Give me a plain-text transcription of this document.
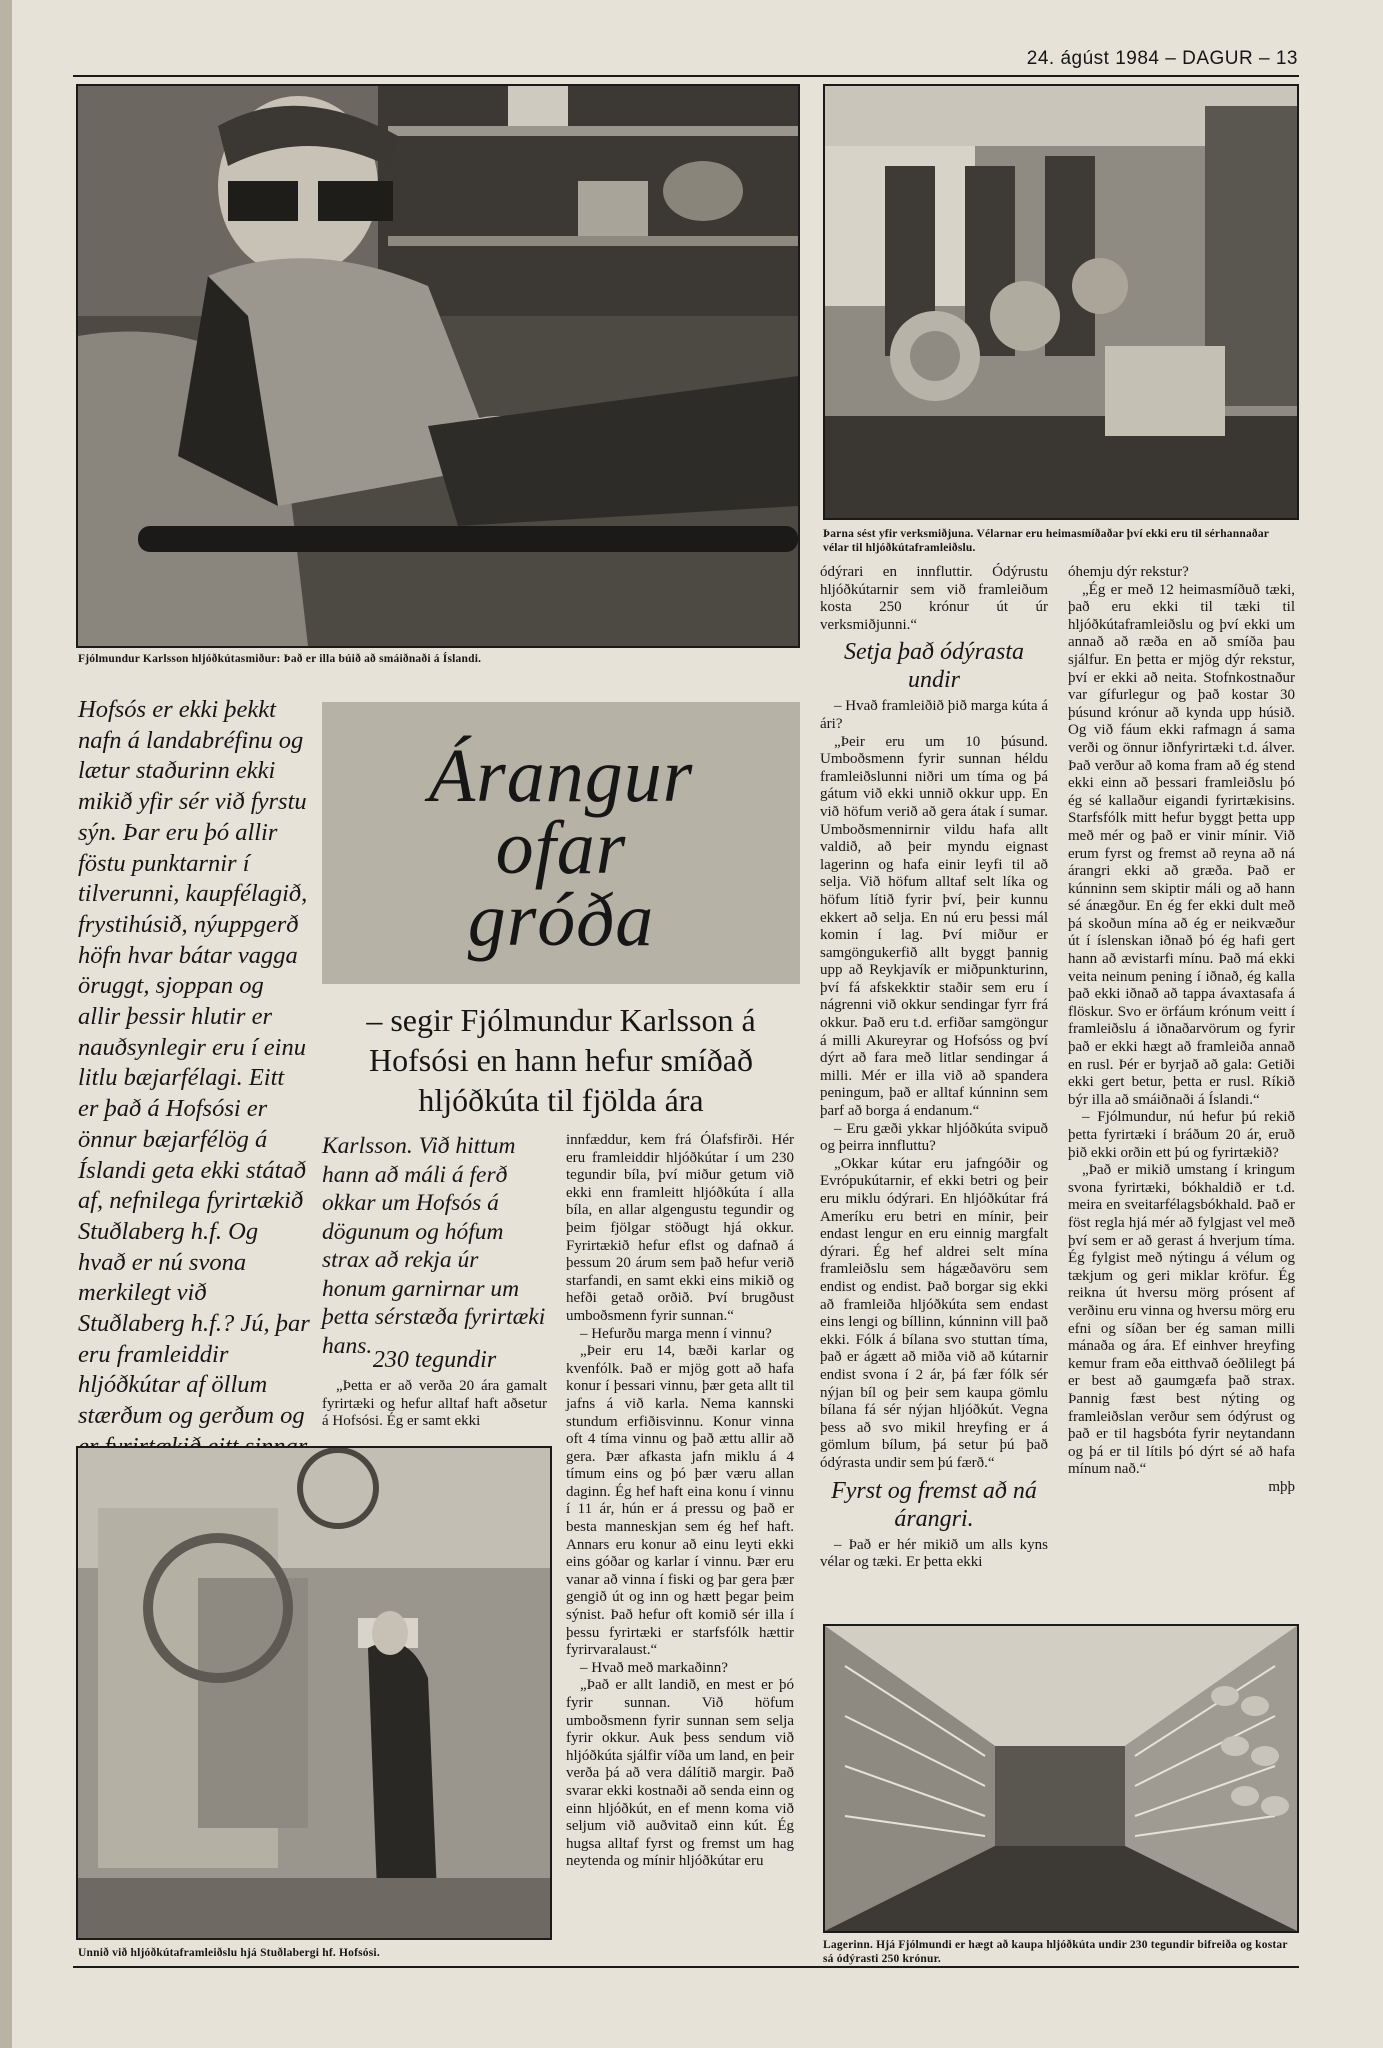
24. ágúst 1984 – DAGUR – 13
Fjólmundur Karlsson hljóðkútasmiður: Það er illa búið að smáiðnaði á Íslandi.
Þarna sést yfir verksmiðjuna. Vélarnar eru heimasmíðaðar því ekki eru til sérhannaðar vélar til hljóðkútaframleiðslu.
Hofsós er ekki þekkt nafn á landabréfinu og lætur staðurinn ekki mikið yfir sér við fyrstu sýn. Þar eru þó allir föstu punktarnir í tilverunni, kaupfélagið, frystihúsið, nýuppgerð höfn hvar bátar vagga öruggt, sjoppan og allir þessir hlutir er nauðsynlegir eru í einu litlu bæjarfélagi. Eitt er það á Hofsósi er önnur bæjarfélög á Íslandi geta ekki státað af, nefnilega fyrirtækið Stuðlaberg h.f. Og hvað er nú svona merkilegt við Stuðlaberg h.f.? Jú, þar eru framleiddir hljóðkútar af öllum stærðum og gerðum og
Árangur
ofar
gróða
– segir Fjólmundur Karlsson á Hofsósi en hann hefur smíðað hljóðkúta til fjölda ára
Karlsson. Við hittum hann að máli á ferð okkar um Hofsós á dögunum og hófum strax að rekja úr honum garnirnar um þetta sérstæða fyrirtæki hans.

230 tegundir

„Þetta er að verða 20 ára gamalt fyrirtæki og hefur alltaf haft aðsetur á Hofsósi. Ég er samt ekki

innfæddur, kem frá Ólafsfirði. Hér eru framleiddir hljóðkútar í um 230 tegundir bíla, því miður getum við ekki enn framleitt hljóðkúta í alla bíla, en allar algengustu tegundir og þeim fjölgar stöðugt hjá okkur. Fyrirtækið hefur eflst og dafnað á þessum 20 árum sem það hefur verið starfandi, en samt ekki eins mikið og hefði getað orðið. Því brugðust umboðsmenn fyrir sunnan.“

– Hefurðu marga menn í vinnu?

„Þeir eru 14, bæði karlar og kvenfólk. Það er mjög gott að hafa konur í þessari vinnu, þær geta allt til jafns á við karla. Nema kannski stundum erfiðisvinnu. Konur vinna oft 4 tíma vinnu og það ættu allir að gera. Þær afkasta jafn miklu á 4 tímum eins og þó þær væru allan daginn. Ég hef haft eina konu í vinnu í 11 ár, hún er á pressu og það er besta manneskjan sem ég hef haft. Annars eru konur að einu leyti ekki eins góðar og karlar í vinnu. Þær eru vanar að vinna í fiski og þar gera þær gengið út og inn og hætt þegar þeim sýnist. Það hefur oft komið sér illa í þessu fyrirtæki er starfsfólk hættir fyrirvaralaust.“

– Hvað með markaðinn?

„Það er allt landið, en mest er þó fyrir sunnan. Við höfum umboðsmenn fyrir sunnan sem selja fyrir okkur. Auk þess sendum við hljóðkúta sjálfir víða um land, en þeir verða þá að vera dálítið margir. Það svarar ekki kostnaði að senda einn og einn hljóðkút, en ef menn koma við seljum við auðvitað einn kút. Ég hugsa alltaf fyrst og fremst um hag neytenda og mínir hljóðkútar eru

ódýrari en innfluttir. Ódýrustu hljóðkútarnir sem við framleiðum kosta 250 krónur út úr verksmiðjunni.“

Setja það ódýrasta undir

– Hvað framleiðið þið marga kúta á ári?

„Þeir eru um 10 þúsund. Umboðsmenn fyrir sunnan héldu framleiðslunni niðri um tíma og þá gátum við ekki unnið okkur upp. En við höfum verið að gera átak í sumar. Umboðsmennirnir vildu hafa allt valdið, að þeir myndu eignast lagerinn og hafa einir leyfi til að selja. Við höfum alltaf selt líka og höfum lítið fyrir því, þeir kunnu ekkert að selja. En nú eru þessi mál komin í lag. Því miður er samgöngukerfið allt byggt þannig upp að Reykjavík er miðpunkturinn, því fá afskekktir staðir sem eru í nágrenni við okkur sendingar fyrr frá okkur. Það eru t.d. erfiðar samgöngur á milli Akureyrar og Hofsóss og því dýrt að fara með litlar sendingar á milli. Mér er illa við að spandera peningum, það er alltaf kúnninn sem þarf að borga á endanum.“

– Eru gæði ykkar hljóðkúta svipuð og þeirra innfluttu?

„Okkar kútar eru jafngóðir og Evrópukútarnir, ef ekki betri og þeir eru miklu ódýrari. En hljóðkútar frá Ameríku eru betri en mínir, þeir endast lengur en eru einnig margfalt dýrari. Ég hef aldrei selt mína framleiðslu sem hágæðavöru sem endist og endist. Það borgar sig ekki að framleiða hljóðkúta sem endast eins lengi og bíllinn, kúnninn vill það ekki. Fólk á bílana svo stuttan tíma, það er ágætt að miða við að kútarnir endist svona í 2 ár, þá fær fólk sér nýjan bíl og þeir sem kaupa gömlu bílana fá sér nýjan hljóðkút. Vegna þess að svo mikil hreyfing er á gömlum bílum, þá setur þú það ódýrasta undir sem þú færð.“

Fyrst og fremst að ná árangri.

– Það er hér mikið um alls kyns vélar og tæki. Er þetta ekki

óhemju dýr rekstur?

„Ég er með 12 heimasmíðuð tæki, það eru ekki til tæki til hljóðkútaframleiðslu og því ekki um annað að ræða en að smíða þau sjálfur. En þetta er mjög dýr rekstur, því er ekki að neita. Stofnkostnaður var gífurlegur og það kostar 30 þúsund krónur að kynda upp húsið. Og við fáum ekki rafmagn á sama verði og önnur iðnfyrirtæki t.d. álver. Það verður að koma fram að ég stend ekki einn að þessari framleiðslu þó ég sé kallaður eigandi fyrirtækisins. Starfsfólk mitt hefur byggt þetta upp með mér og það er vinir mínir. Við erum fyrst og fremst að reyna að ná árangri ekki að græða. Það er kúnninn sem skiptir máli og að hann sé ánægður. En ég fer ekki dult með þá skoðun mína að ég er neikvæður út í íslenskan iðnað þó ég hafi gert hann að ævistarfi mínu. Það má ekki veita neinum pening í iðnað, ég kalla það ekki iðnað að tappa ávaxtasafa á flöskur. Svo er örfáum krónum veitt í framleiðslu á iðnaðarvörum og fyrir það er ekki hægt að framleiða annað en rusl. Þér er byrjað að gala: Getiði ekki gert betur, þetta er rusl. Ríkið býr illa að smáiðnaði á Íslandi.“

– Fjólmundur, nú hefur þú rekið þetta fyrirtæki í bráðum 20 ár, eruð þið ekki orðin ett þú og fyrirtækið?

„Það er mikið umstang í kringum svona fyrirtæki, bókhaldið er t.d. meira en sveitarfélagsbókhald. Það er föst regla hjá mér að fylgjast vel með því sem er að gerast á hverjum tíma. Ég fylgist með nýtingu á vélum og tækjum og geri miklar kröfur. Ég reikna út hversu mörg prósent af verðinu eru vinna og hversu mörg eru efni og síðan ber ég saman milli mánaða og ára. Ef einhver hreyfing kemur fram eða eitthvað óeðlilegt þá er best að gaumgæfa það strax. Þannig fæst best nýting og framleiðslan verður sem ódýrust og það er til hagsbóta fyrir neytandann og þá er til lítils þó dýrt sé að hafa mínum nað.“

mþþ

Unnið við hljóðkútaframleiðslu hjá Stuðlabergi hf. Hofsósi.
Lagerinn. Hjá Fjólmundi er hægt að kaupa hljóðkúta undir 230 tegundir bifreiða og kostar sá ódýrasti 250 krónur.
